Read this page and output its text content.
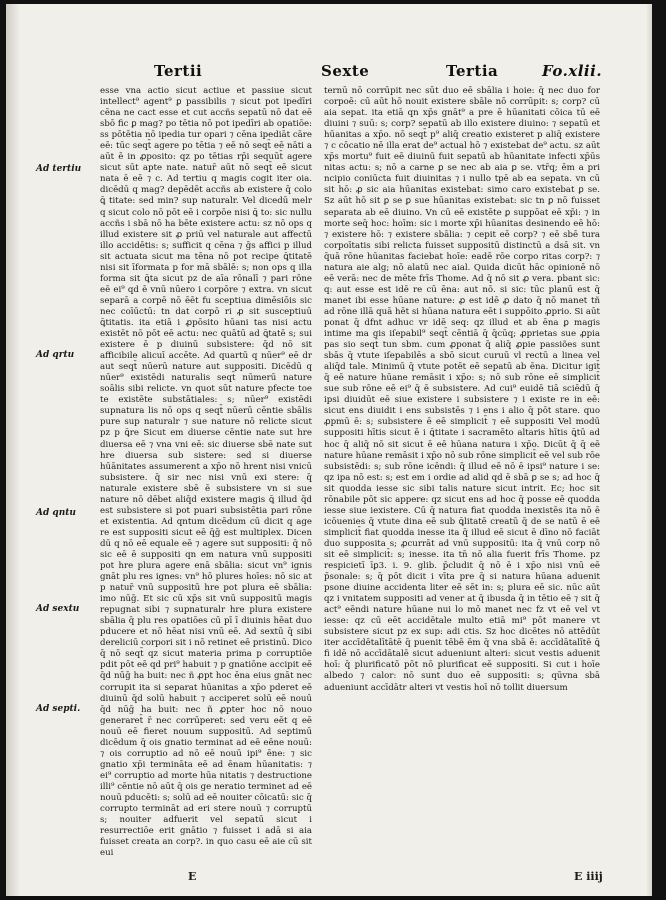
Tertii	Sexte	Tertia	Fo.xlii.
Ad tertiu
Ad qrtu
Ad qntu
Ad sextu
Ad septi.

esse vna actio sicut actiue et passiue sicut intellect⁹ agent⁹ ꝑ passibilis ⁊ sicut pot ipedīri cēna ne cact esse et cut accñs sepatū nō dat eē sbō fic ꝑ mag? po tētia nō pot ipedīri ab opatiōe: ss pōtētia nō ipedia tur opari ⁊ cēna ipediāt cāre eē: tūc seqt̄ agere po tētia ⁊ eē nō seqt̄ eē nāti a aūt ē in ꝓposito: qz po tētias rp̄i sequūt̄ agere sicut sūt apte nate. natur̄ aūt nō seqt̄ eē sicut nata ē eē ⁊ c. Ad tertiu q magis cogit iter oia. dicēdū q mag? depēdēt accñs ab existere q̄ colo ꝗ̄ titate: sed min? sup naturalr. Vel dicedū melr q sicut colo nō pōt eē i corpōe nisi ꝗ̄ to: sic nullu accñs i sbā nō ha bēte existere actu: sz nō ops q illud existere sit ꝓ priū vel naturale aut affectū illo accidētis: s; sufficit q cēna ⁊ ḡs affici p illud sit actuata sicut ma tēna nō pot recipe ꝗ̄titatē nisi sit īformata p for mā sbālē: s; non ops q illa forma sit ꝗ̄ta sicut pz de aīa rōnalī ⁊ pari rōne eē ei⁹ qd ē vnū nūero i corpōre ⁊ extra. vn sicut separā a corpē nō ēēt fu sceptiua dimēsiōis sic nec coīūctū: tn dat corpō ri ꝓ sit susceptiuū ꝗ̄titatis. ita etiā i ꝓpōsito hūani tas nisi actu existēt nō pōt eē actu: nec quātū ad ꝗ̄tatē s; sui existere ē p diuinū subsistere: q̄d nō sit afficibile alicuī accēte. Ad quartū q nūer⁹ eē dr aut seqt̄ nūerū nature aut suppositi. Dicēdū q nūer⁹ existēdi naturalis seqt̄ nūmerū nature soālis sibi relicte. vn quot sūt nature pfecte toe te existēte substātiales: s; nūer⁹ existēdi supnatura lis nō ops q seqt̄ nūerū cēntie sbālis pure sup naturalr ⁊ sue nature nō relicte sicut pz p ꝗ̄re Sicut em diuerse cēntie nate sut hre diuersa eē ⁊ vna vni eē: sic diuerse sbē nate sut hre diuersa sub sistere: sed si diuerse hūānitates assumerent a xp̄o nō hrent nisi vnicū subsistere. q̄ sir nec nisi vnū exi stere: q̄ naturale existere sbē ē subsistere vn si sue nature nō dēbet aliq̄d existere magis ꝗ̄ illud q̄d est subsistere si pot puari subsistētia pari rōne et existentia. Ad qntum dicēdum cū dicit q age re est suppositi sicut eē q̄ḡ est multiplex. Dicen dū q nō eē equale eē ⁊ agere sut suppositi: q̄ nō sic eē ē suppositi qn em natura vnū suppositi pot hre plura agere enā sbālia: sicut vn⁹ ignis gnāt plu res ignes: vn⁹ hō plures hoīes: nō sic at p natur̄ vnū suppositū hre pot plura eē sbālia: imo nūḡ. Et sic cū xp̄s sit vnū suppositū magis repugnat sibi ⁊ supnaturalr hre plura existere sbālia q̄ plu res opatiōes cū pī ī diuinis hēat duo pducere et nō hēat nisi vnū eē. Ad sextū q̄ sibi dereliciū corpori sit i nō retinet eē pristinū. Dico q̄ nō seqt̄ qz sicut materia prima p corruptiōe pdit pōt eē qd pri⁹ habuit ⁊ p gnatiōne accipit eē q̄d nūḡ ha buit: nec ñ ꝓpt hoc ēna eius gnāt nec corrupit ita si separat hūanitas a xp̄o pderet eē diuinū q̄d solū habuit ⁊ acciperet solū eē nouū q̄d nūḡ ha buit: nec ñ ꝓpter hoc nō nouo generaret̄ r̄ nec corrūperet: sed veru eēt q eē nouū eē fieret nouum suppositū. Ad septimū dicēdum q̄ ois gnatio terminat ad eē eēne nouū: ⁊ ois corruptio ad nō eē nouū ipi⁹ ēne: ⁊ sic gnatio xp̄i termināta eē ad ēnam hūanitatis: ⁊ ei⁹ corruptio ad morte hūa nitatis ⁊ destructione illi⁹ cēntie nō aūt q̄ ois ge neratio terminet ad eē nouū pducēti: s; solū ad eē nouiter cōicatū: sic q̄ corrupto termināt ad eri stere nouū ⁊ corruptū s; nouiter adfuerit vel sepatū sicut i resurrectiōe erit gnātio ⁊ fuisset i adā si aia fuisset creata an corp?. in quo casu eē aie cū sit eui

ternū nō corrūpit nec sūt duo eē sbālia i hoie: q̄ nec duo for corpoē: cū aūt hō nouit existere sbāle nō corrūpit: s; corp? cū aia sepat. ita etiā qn xp̄s gnāt⁹ a pre ē hūanitati cōica tū eē diuini ⁊ suū: s; corp? sepatū ab illo existere diuino: ⁊ sepatū et hūanitas a xp̄o. nō seqt̄ p⁹ aliq̄ creatio existeret p aliq̄ existere ⁊ c cōcatio nē illa erat de⁹ actual hō ⁊ existebat de⁹ actu. sz aūt xp̄s mortu⁹ fuit eē diuinū fuit sepatū ab hūanitate infecti xp̄ūs nitas actu: s; nō a carne ꝑ se nec ab aia ꝑ se. vtr̄q; ēm a pri ncipio coniūcta fuit diuinitas ⁊ i nullo tpē ab ea sepata. vn cū sit hō: ꝓ sic aia hūanitas existebat: simo caro existebat ꝑ se. Sz aūt hō sit ꝑ se ꝑ sue hūanitas existebat: sic tn ꝑ nō fuisset separata ab eē diuino. Vn cū eē existēte ꝑ suppōat eē xp̄i: ⁊ in morte seq̄ hoc: hoīm: sic i morte xp̄i hūanitas desinendo eē hō: ⁊ existere hō: ⁊ existere sbālia: ⁊ cepit eē corp? ⁊ eē sbē tura corpoītatis sibi relicta fuisset suppositū distinctū a dsā sit. vn q̄uā rōne hūanitas faciebat hoīe: eadē rōe corpo ritas corp?: ⁊ natura aie alg; nō alatū nec aial. Quida dicūt hāc opinionē nō eē verā: nec de mēte frīs Thome. Ad q̄ nō sit ꝓ vera. pbant sic: q: aut esse est idē re cū ēna: aut nō. si sic: tūc planū est q̄ manet ibi esse hūane nature: ꝓ est idē ꝓ dato q̄ nō manet tñ ad rōne illā quā hēt si hūana natura eēt i suppōito ꝓprio. Si aūt ponat q̄ dfnt adhuc vr idē seq: qz illud et ab ēna ꝑ magis intime ma gis iſepabil⁹ seqt̄ cēntiā q̄ q̄cūq; ꝓprietas sue ꝓpia pas sio seqt̄ tun sbm. cum ꝓponat q̄ aliq̄ ꝓpie passiões sunt sbās q̄ vtute iſepabilēs a sbō sicut curuū vl rectū a linea vel aliq̄d tale. Minimū q̄ vtute potēt eē sepatū ab ēna. Dicitur igit̄ q̄ eē nature hūane remāsit i xp̄o: s; nō sub rōne eē simplicit̄ sue sub rōne eē ei⁹ q̄ ē subsistere. Ad cui⁹ euidē tiā sciēdū q̄ ipsi diuidūt eē siue existere i subsistere ⁊ i existe re in eē: sicut ens diuidit i ens subsistēs ⁊ i ens i alio q̄ pōt stare. quo ꝓpmū ē: s; subsistere ē eē simplicit̄ ⁊ eē suppositi Vel modū suppositi hītis sicut ē i ꝗ̄titate i sacramēto altaris hītis ꝗ̄tū ad hoc q̄ aliq̄ nō sit sicut ē eē hūana natura i xp̄o. Dicūt q̄ q̄ eē nature hūane remāsit i xp̄o nō sub rōne simplicit̄ eē vel sub rōe subsistēdi: s; sub rōne icēndi: q̄ illud eē nō ē ipsi⁹ nature i se: qz ipa nō est: s; est em i ordie ad alid qd ē sbā ꝑ se s; ad hoc q̄ sit quodda iesse sic sibi talis nature sicut intrit. Ec; hoc sit rōnabile pōt sic appere: qz sicut ens ad hoc q̄ posse eē quodda iesse siue iexistere. Cū q̄ natura fiat quodda inexistēs ita nō ē icōuenies q̄ vtute dina eē sub ꝗ̄litatē creatū q̄ de se natū ē eē simplicit̄ fiat quodda inesse ita q̄ illud eē sicut ē dīno nō faciāt duo supposita s; ꝓcurrāt ad vnū suppositū: ita q̄ vnū corp nō sit eē simplicit̄: s; inesse. ita tn̄ nō alia fuerit frīs Thome. pz respicietī īꝑ3. i. 9. glib. p̄cludit q̄ nō ē i xp̄o nisi vnū eē p̄sonale: s; q̄ pōt dicit i vīta pre q̄ si natura hūana aduenit psone diuine accidenta liter eē sēt in: s; plura eē sic. nūc aūt qz i vnitatem suppositi ad vener at q̄ ibusda q̄ in tētio eē ⁊ sit q̄ act⁹ eēndi nature hūane nui lo mō manet nec fz vt eē vel vt iesse: qz cū eēt accidētale multo etiā mi⁹ pōt manere vt subsistere sicut pz ex sup: adi ctis. Sz hoc dicētes nō attēdūt iter accīdētalītātē q̄ puenit tēbē ēm q̄ vna sbā ē: accīdātalītē ꝗ̄ fi idē nō accīdātalē sicut adueniunt alteri: sicut vestis aduenit hoī: q̄ plurificatō pōt nō plurificat eē suppositi. Si cut i hoīe albedo ⁊ calor: nō sunt duo eē suppositi: s; qūvna sbā adueniunt accīdātr alteri vt vestis hoī nō tollit diuersum

E	E iiij
